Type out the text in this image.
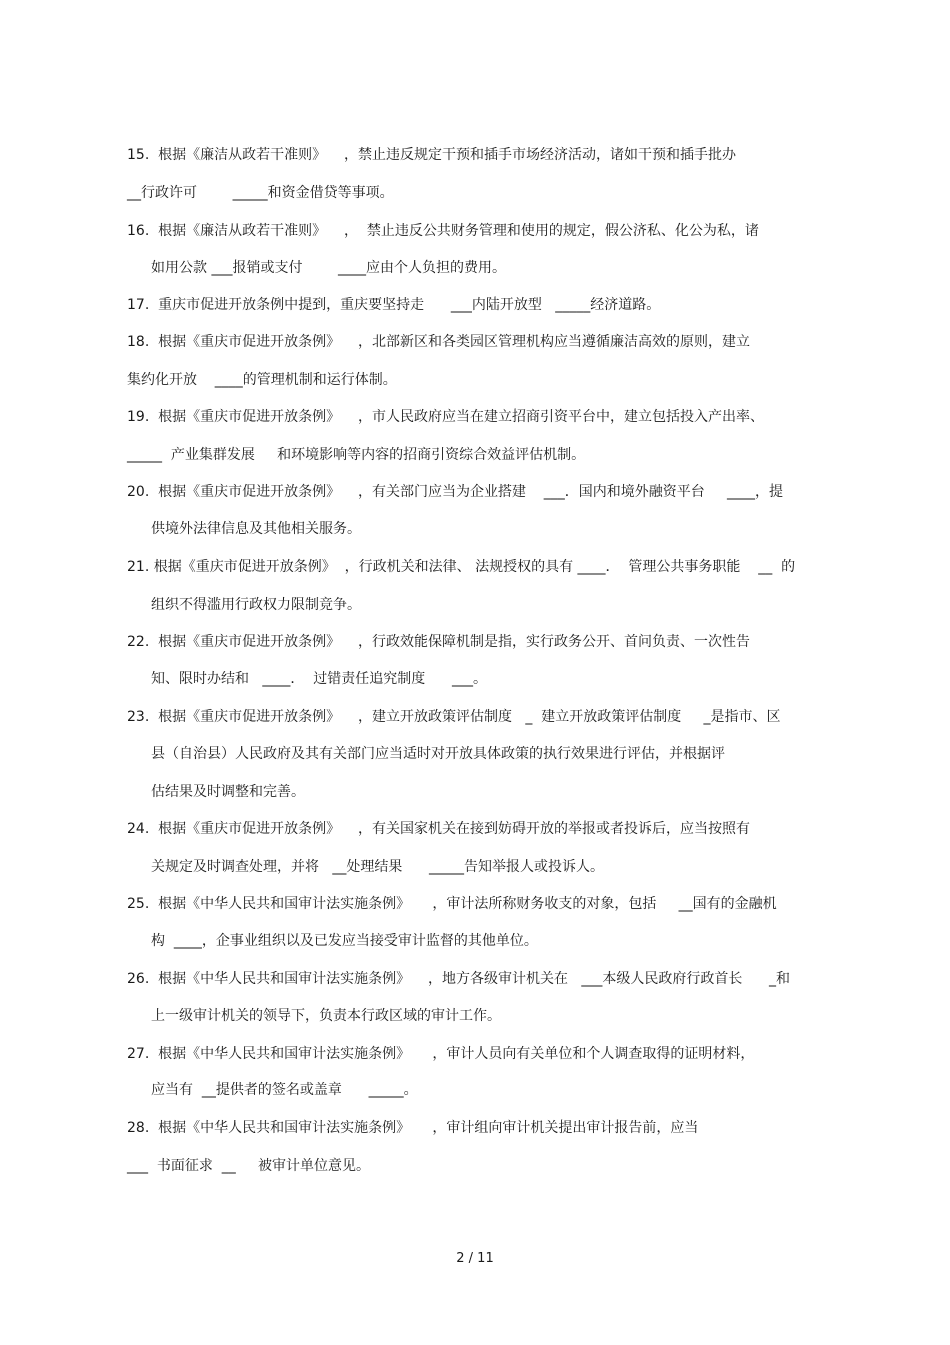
15.  根据《廉洁从政若干准则》    ，禁止违反规定干预和插手市场经济活动，诸如干预和插手批办
__行政许可        _____和资金借贷等事项。
16.  根据《廉洁从政若干准则》    ，  禁止违反公共财务管理和使用的规定，假公济私、化公为私，诸
如用公款 ___报销或支付        ____应由个人负担的费用。
17.  重庆市促进开放条例中提到，重庆要坚持走      ___内陆开放型   _____经济道路。
18.  根据《重庆市促进开放条例》    ，北部新区和各类园区管理机构应当遵循廉洁高效的原则，建立
集约化开放    ____的管理机制和运行体制。
19.  根据《重庆市促进开放条例》    ，市人民政府应当在建立招商引资平台中，建立包括投入产出率、
_____  产业集群发展     和环境影响等内容的招商引资综合效益评估机制。
20.  根据《重庆市促进开放条例》    ，有关部门应当为企业搭建    ___．国内和境外融资平台     ____，提
供境外法律信息及其他相关服务。
21. 根据《重庆市促进开放条例》  ，行政机关和法律、 法规授权的具有 ____．  管理公共事务职能    __  的
组织不得滥用行政权力限制竞争。
22.  根据《重庆市促进开放条例》    ，行政效能保障机制是指，实行政务公开、首问负责、一次性告
知、限时办结和   ____．  过错责任追究制度      ___。
23.  根据《重庆市促进开放条例》    ，建立开放政策评估制度   _  建立开放政策评估制度     _是指市、区
县（自治县）人民政府及其有关部门应当适时对开放具体政策的执行效果进行评估，并根据评
估结果及时调整和完善。
24.  根据《重庆市促进开放条例》    ，有关国家机关在接到妨碍开放的举报或者投诉后，应当按照有
关规定及时调查处理，并将   __处理结果      _____告知举报人或投诉人。
25.  根据《中华人民共和国审计法实施条例》     ，审计法所称财务收支的对象，包括     __国有的金融机
构  ____，企事业组织以及已发应当接受审计监督的其他单位。
26.  根据《中华人民共和国审计法实施条例》    ，地方各级审计机关在   ___本级人民政府行政首长      _和
上一级审计机关的领导下，负责本行政区域的审计工作。
27.  根据《中华人民共和国审计法实施条例》     ，审计人员向有关单位和个人调查取得的证明材料，
应当有  __提供者的签名或盖章      _____。
28.  根据《中华人民共和国审计法实施条例》     ，审计组向审计机关提出审计报告前，应当
___  书面征求  __     被审计单位意见。
2 / 11
